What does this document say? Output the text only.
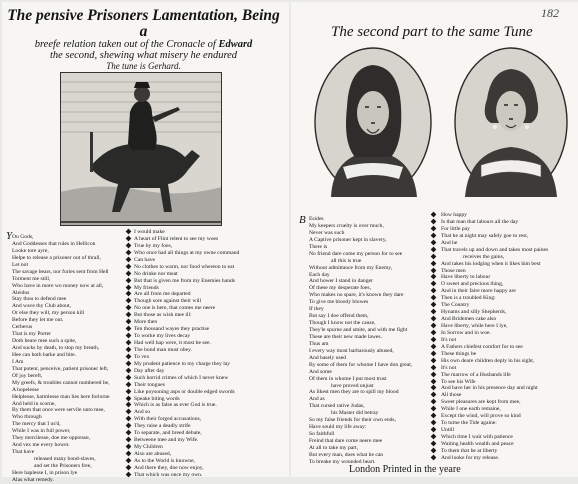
The pensive Prisoners Lamentation, Being a
breefe relation taken out of the Cronacle of Edward
the second, shewing what misery he endured
The tune is Gerhard.
Y Ou Gods,
And Goddesses that rules in Hellicon
Looke tore ayre,
Helpe to release a prisoner out of thrall,
Let not
The savage bears, nor furies sent from Hell
Torment me still,
Who have in more wo money now at all,
Aleidus
Stay thou to defend mee
And wave thy Club about,
Or else they will, my person kill
Before they let me out.
Cerberus
That is my Porter
Doth beare mee such a spite,
And sucks by death, to stop my breath,
Hee can both barke and bite.
I Am
That potent, penceive, patient prisoner left,
Of joy bereft,
My greefs, & troubles cannot numbered be,
A hopelesse
Helplesse, harmlesse man lies here forlorne
And held in scorne,
By them that once were servile unto mee,
Who through
The mercy that I us'd,
While I was in full power,
They mercilesse, doe me oppresse,
And vex me every hower.
That have
released many bond-slaves,
and set the Prisoners free,
Here haplesse I, in prison lye
Alas what remedy.
I would make
A heart of Flint relent to see my woes
True by my foes,
Who once had all things at my owne command
Can have
No clothes to warm, nor food whereon to eat
No drinke nor meat
But that is given me from my Enemies hands
My friends
Are all from me departed
Though sore against their will
No one is here, that comes me neere
But those as wish mee ill:
More then
Ten thousand wayes they practise
To worke my lives decay
Had well hap were, it must be see.
The bond man must obey.
To vex
My prudent patience to my charge they lay
Day after day
Such horrid crimes of which I never knew
Their tongues
Like poysoning asps or double edged swords
Speake biting words
Which is as false as ever God is true.
And so
With their forged accusations,
They raise a deadly strife
To separate, and breed debate,
Betweene mee and my Wife.
My Children
Also are abused,
As to the World is knowne,
And there they, doe now enjoy,
That which was once my own.
182
The second part to the same Tune
B Esides
My keepers cruelty is over much,
Never was such
A Captive prisoner kept in slavery,
There is
No friend dare come my person for to see
all this is true
Without admittance from my Enemy,
Each day
And hower I stand in danger
Of these my desperate foes,
Who makes no spare, it's known they dare
To give me bloody blowes
If they
But say I doe offend them,
Though I know not the cause,
They'le spurne and smite, and with me fight
These are their new made lawes.
Thus am
I every way most barbarously abused,
And basely used
By some of them for whome I have don great,
And some
Of them in whome I put most trust
have proved unjust
As likest men they are to spill my blood
And as
That cursed rative Judas,
his Master did betray
So my false friends for their own ends,
Have sould my life away:
So faithfull
Freind that dare come neere mee
At all to take my part,
But every man, does what he can
To breake my wounded heart.
How happy
Is that man that labours all the day
For little pay
That he at night may safely goe to rest,
And he
That travels up and down and takes most paines
receives the gains,
And takes his lodging when it likes him best
Those men
Have liberty to labour
O sweet and precious thing,
And in their faire more happy are
Then is a troubled King:
The Country
Hynams and silly Shepherds,
And Bridemen cake also
Have liberty, while here I lye,
In Sorrow and in woe.
It's not
A Fathers chiefest comfort for to see
These things be
His own deare children deply in his sight,
It's not
The marrow of a Husbands life
To see his Wife
And have her in his presence day and night
All those
Sweet pleasures are kept from mee,
While I one earth remaine,
Except the wind, will prove so kind
To turne the Tide againe:
Untill
Which time I wait with patience
Waiting health wealth and peace
To them that be at liberty
And looke for my release.
London Printed in the yeare
